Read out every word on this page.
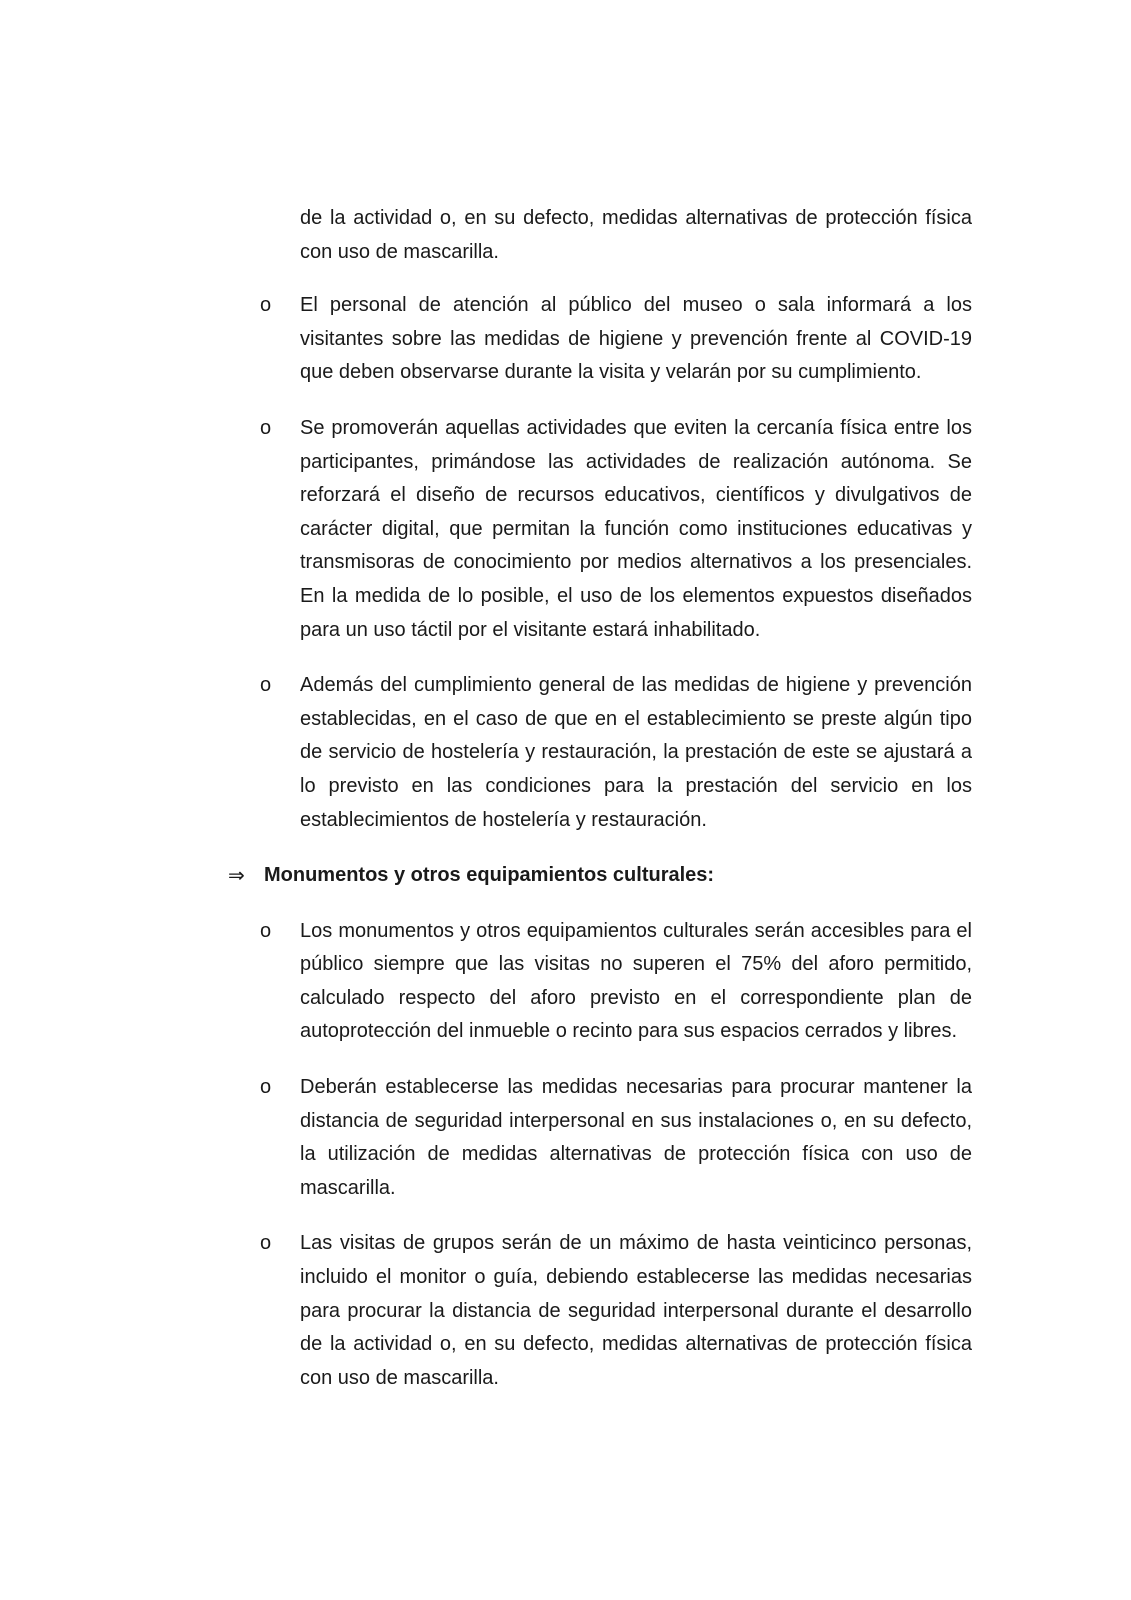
de la actividad o, en su defecto, medidas alternativas de protección física con uso de mascarilla.

o	El personal de atención al público del museo o sala informará a los visitantes sobre las medidas de higiene y prevención frente al COVID-19 que deben observarse durante la visita y velarán por su cumplimiento.

o	Se promoverán aquellas actividades que eviten la cercanía física entre los participantes, primándose las actividades de realización autónoma. Se reforzará el diseño de recursos educativos, científicos y divulgativos de carácter digital, que permitan la función como instituciones educativas y transmisoras de conocimiento por medios alternativos a los presenciales. En la medida de lo posible, el uso de los elementos expuestos diseñados para un uso táctil por el visitante estará inhabilitado.

o	Además del cumplimiento general de las medidas de higiene y prevención establecidas, en el caso de que en el establecimiento se preste algún tipo de servicio de hostelería y restauración, la prestación de este se ajustará a lo previsto en las condiciones para la prestación del servicio en los establecimientos de hostelería y restauración.

⇒ Monumentos y otros equipamientos culturales:
o	Los monumentos y otros equipamientos culturales serán accesibles para el público siempre que las visitas no superen el 75% del aforo permitido, calculado respecto del aforo previsto en el correspondiente plan de autoprotección del inmueble o recinto para sus espacios cerrados y libres.

o	Deberán establecerse las medidas necesarias para procurar mantener la distancia de seguridad interpersonal en sus instalaciones o, en su defecto, la utilización de medidas alternativas de protección física con uso de mascarilla.

o	Las visitas de grupos serán de un máximo de hasta veinticinco personas, incluido el monitor o guía, debiendo establecerse las medidas necesarias para procurar la distancia de seguridad interpersonal durante el desarrollo de la actividad o, en su defecto, medidas alternativas de protección física con uso de mascarilla.
